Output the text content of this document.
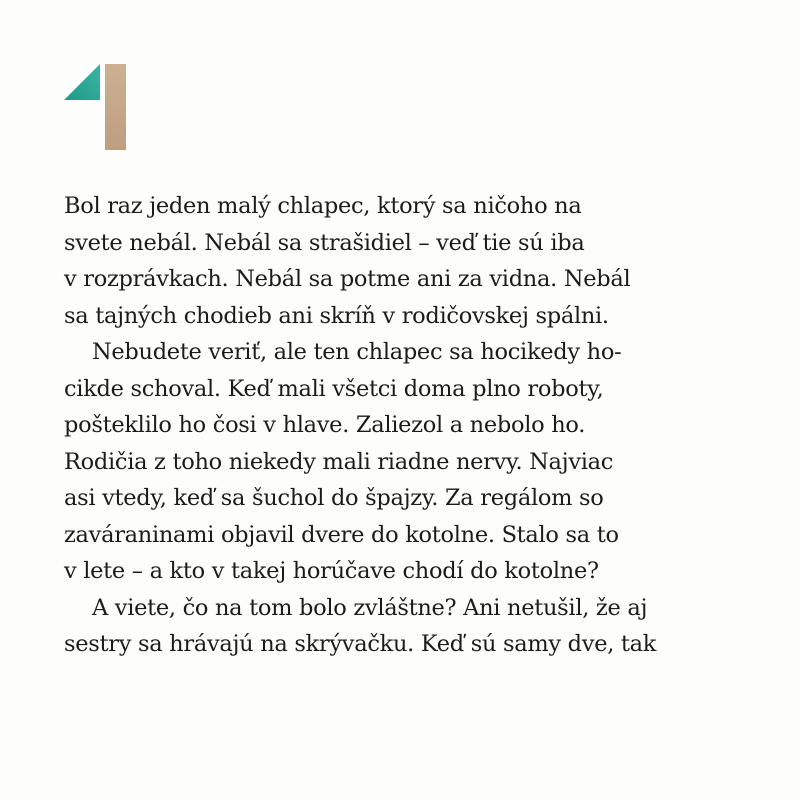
Bol raz jeden malý chlapec, ktorý sa ničoho na
svete nebál. Nebál sa strašidiel – veď tie sú iba
v rozprávkach. Nebál sa potme ani za vidna. Nebál
sa tajných chodieb ani skríň v rodičovskej spálni.
Nebudete veriť, ale ten chlapec sa hocikedy ho-
cikde schoval. Keď mali všetci doma plno roboty,
pošteklilo ho čosi v hlave. Zaliezol a nebolo ho.
Rodičia z toho niekedy mali riadne nervy. Najviac
asi vtedy, keď sa šuchol do špajzy. Za regálom so
zaváraninami objavil dvere do kotolne. Stalo sa to
v lete – a kto v takej horúčave chodí do kotolne?
A viete, čo na tom bolo zvláštne? Ani netušil, že aj
sestry sa hrávajú na skrývačku. Keď sú samy dve, tak
